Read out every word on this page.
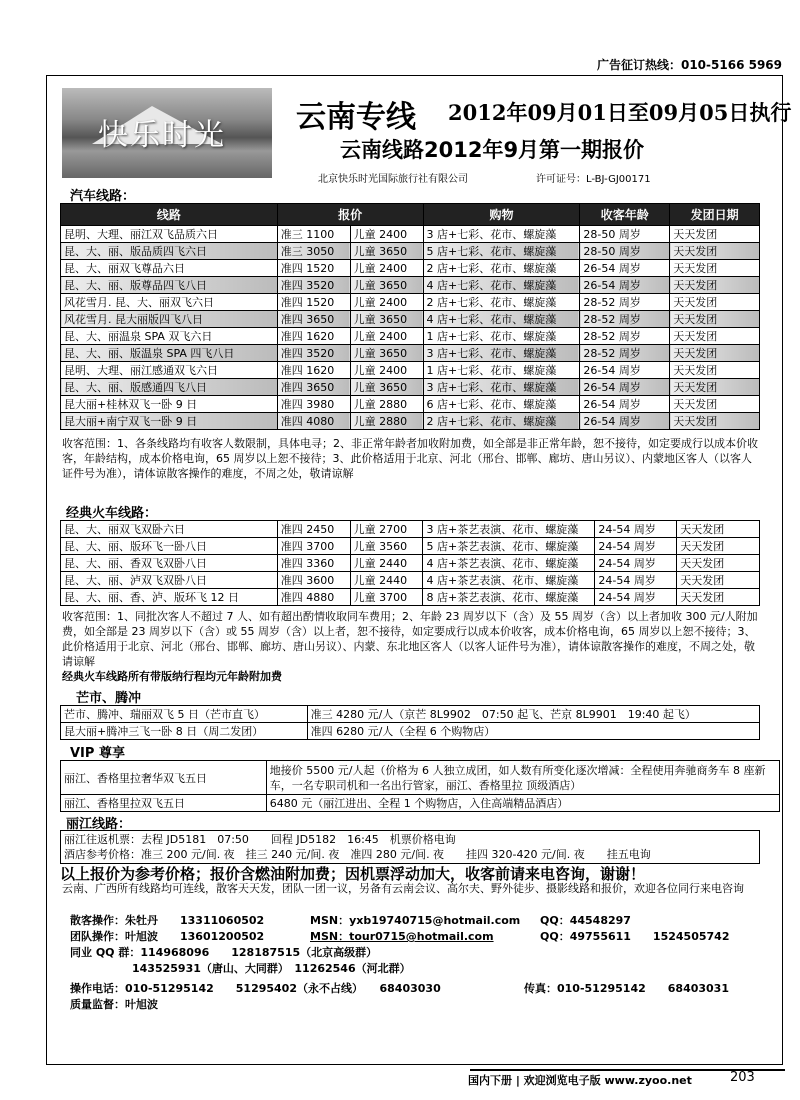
广告征订热线：010-5166 5969
快乐时光
云南专线 2012年09月01日至09月05日执行
云南线路2012年9月第一期报价
北京快乐时光国际旅行社有限公司	许可证号：L-BJ-GJ00171
汽车线路：
线路	报价		购物	收客年龄	发团日期
昆明、大理、丽江双飞品质六日	准三 1100	儿童 2400	3 店+七彩、花市、螺旋藻	28-50 周岁	天天发团
昆、大、丽、版品质四飞六日	准三 3050	儿童 3650	5 店+七彩、花市、螺旋藻	28-50 周岁	天天发团
昆、大、丽双飞尊品六日	准四 1520	儿童 2400	2 店+七彩、花市、螺旋藻	26-54 周岁	天天发团
昆、大、丽、版尊品四飞八日	准四 3520	儿童 3650	4 店+七彩、花市、螺旋藻	26-54 周岁	天天发团
风花雪月. 昆、大、丽双飞六日	准四 1520	儿童 2400	2 店+七彩、花市、螺旋藻	28-52 周岁	天天发团
风花雪月. 昆大丽版四飞八日	准四 3650	儿童 3650	4 店+七彩、花市、螺旋藻	28-52 周岁	天天发团
昆、大、丽温泉 SPA 双飞六日	准四 1620	儿童 2400	1 店+七彩、花市、螺旋藻	28-52 周岁	天天发团
昆、大、丽、版温泉 SPA 四飞八日	准四 3520	儿童 3650	3 店+七彩、花市、螺旋藻	28-52 周岁	天天发团
昆明、大理、丽江感通双飞六日	准四 1620	儿童 2400	1 店+七彩、花市、螺旋藻	26-54 周岁	天天发团
昆、大、丽、版感通四飞八日	准四 3650	儿童 3650	3 店+七彩、花市、螺旋藻	26-54 周岁	天天发团
昆大丽+桂林双飞一卧 9 日	准四 3980	儿童 2880	6 店+七彩、花市、螺旋藻	26-54 周岁	天天发团
昆大丽+南宁双飞一卧 9 日	准四 4080	儿童 2880	2 店+七彩、花市、螺旋藻	26-54 周岁	天天发团
收客范围：1、各条线路均有收客人数限制，具体电寻；2、非正常年龄者加收附加费，如全部是非正常年龄，恕不接待，如定要成行以成本价收客，年龄结构，成本价格电询，65 周岁以上恕不接待；3、此价格适用于北京、河北（邢台、邯郸、廊坊、唐山另议）、内蒙地区客人（以客人证件号为准），请体谅散客操作的难度，不周之处，敬请谅解
经典火车线路：
昆、大、丽双飞双卧六日	准四 2450	儿童 2700	3 店+茶艺表演、花市、螺旋藻	24-54 周岁	天天发团
昆、大、丽、版环飞一卧八日	准四 3700	儿童 3560	5 店+茶艺表演、花市、螺旋藻	24-54 周岁	天天发团
昆、大、丽、香双飞双卧八日	准四 3360	儿童 2440	4 店+茶艺表演、花市、螺旋藻	24-54 周岁	天天发团
昆、大、丽、泸双飞双卧八日	准四 3600	儿童 2440	4 店+茶艺表演、花市、螺旋藻	24-54 周岁	天天发团
昆、大、丽、香、泸、版环飞 12 日	准四 4880	儿童 3700	8 店+茶艺表演、花市、螺旋藻	24-54 周岁	天天发团
收客范围：1、同批次客人不超过 7 人、如有超出酌情收取同车费用；2、年龄 23 周岁以下（含）及 55 周岁（含）以上者加收 300 元/人附加费，如全部是 23 周岁以下（含）或 55 周岁（含）以上者，恕不接待，如定要成行以成本价收客，成本价格电询，65 周岁以上恕不接待；3、此价格适用于北京、河北（邢台、邯郸、廊坊、唐山另议）、内蒙、东北地区客人（以客人证件号为准），请体谅散客操作的难度，不周之处，敬请谅解
经典火车线路所有带版纳行程均元年龄附加费
芒市、腾冲
芒市、腾冲、瑞丽双飞 5 日（芒市直飞）	准三 4280 元/人（京芒 8L9902　07:50 起飞、芒京 8L9901　19:40 起飞）
昆大丽+腾冲三飞一卧 8 日（周二发团）	准四 6280 元/人（全程 6 个购物店）
VIP 尊享
丽江、香格里拉奢华双飞五日	地接价 5500 元/人起（价格为 6 人独立成团，如人数有所变化逐次增减：全程使用奔驰商务车 8 座新车，一名专职司机和一名出行管家，丽江、香格里拉 顶级酒店）
丽江、香格里拉双飞五日	6480 元（丽江进出、全程 1 个购物店，入住高端精品酒店）
丽江线路：
丽江往返机票：去程 JD5181　07:50　　回程 JD5182　16:45　机票价格电询
酒店参考价格：准三 200 元/间. 夜　挂三 240 元/间. 夜　准四 280 元/间. 夜　　挂四 320-420 元/间. 夜　　挂五电询
以上报价为参考价格；报价含燃油附加费；因机票浮动加大，收客前请来电咨询，谢谢！
云南、广西所有线路均可连线，散客天天发，团队一团一议，另备有云南会议、高尔夫、野外徒步、摄影线路和报价，欢迎各位同行来电咨询
散客操作：朱牡丹　　13311060502	MSN：yxb19740715@hotmail.com QQ：44548297
团队操作：叶旭波　　13601200502	MSN：tour0715@hotmail.com	QQ：49755611　　1524505742
同业 QQ 群：114968096　　128187515（北京高级群）
143525931（唐山、大同群）　11262546（河北群）
操作电话：010-51295142　　51295402（永不占线）　　68403030	传真：010-51295142　　68403031
质量监督：叶旭波
国内下册 | 欢迎浏览电子版 www.zyoo.net	203
